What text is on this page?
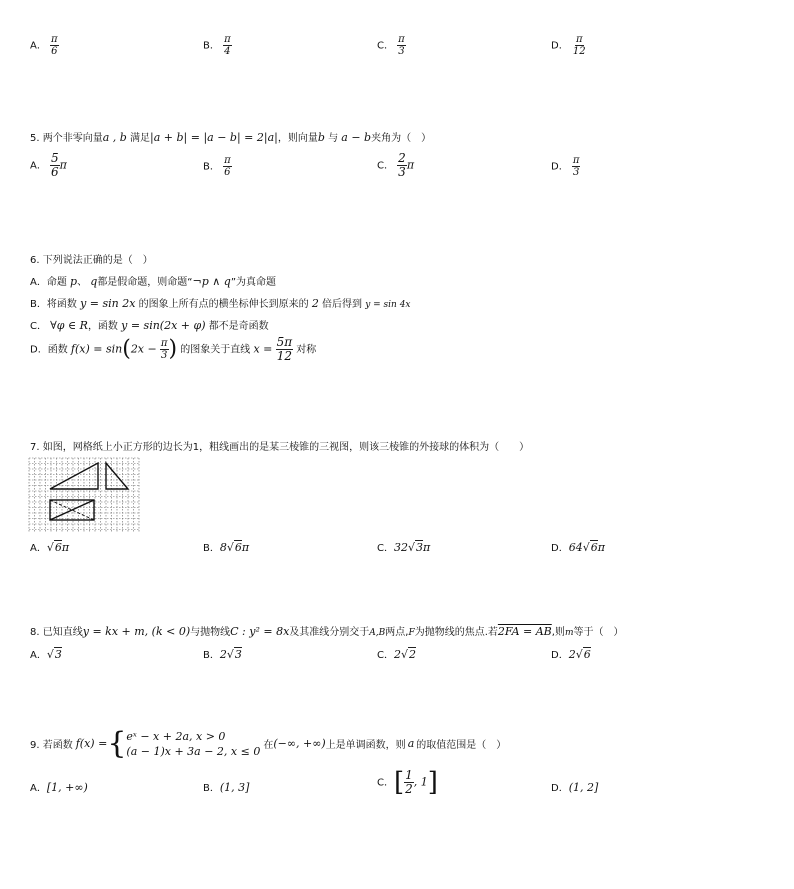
A． $\frac{\pi}{6}$	B． $\frac{\pi}{4}$	C． $\frac{\pi}{3}$	D． $\frac{\pi}{12}$
5. 两个非零向量a , b 满足|a + b| = |a − b| = 2|a|，则向量b 与 a − b夹角为（　）
A． $\frac{5}{6}$ π	B． $\frac{\pi}{6}$	C． $\frac{2}{3}$ π	D． $\frac{\pi}{3}$
6. 下列说法正确的是（　）
A．命题 p、 q都是假命题，则命题“¬p ∧ q”为真命题
B．将函数 y = sin 2x 的图象上所有点的横坐标伸长到原来的 2 倍后得到 y = sin 4x
C． ∀φ ∈ R，函数 y = sin(2x + φ) 都不是奇函数
D．函数 $f(x) = \sin(2x - \frac{\pi}{3}$ ) 的图象关于直线 $x = \frac{5\pi}{12}$ 对称
7. 如图，网格纸上小正方形的边长为1，粗线画出的是某三棱锥的三视图，则该三棱锥的外接球的体积为（　　）
A．√6π	B．8√6π	C．32√3π	D．64√6π
8. 已知直线y = kx + m, (k < 0)与抛物线C : y² = 8x及其准线分别交于A,B两点,F为抛物线的焦点.若2FA = AB,则m等于（　）
A．√3	B．2√3	C．2√2	D．2√6
9. 若函数 f(x) = { eˣ − x + 2a, x > 0
(a − 1)x + 3a − 2, x ≤ 0 在 (−∞, +∞) 上是单调函数，则 a 的取值范围是（　）
A．[1, +∞)	B．(1, 3]	C．[ $\frac{1}{2}$ , 1]	D．(1, 2]
